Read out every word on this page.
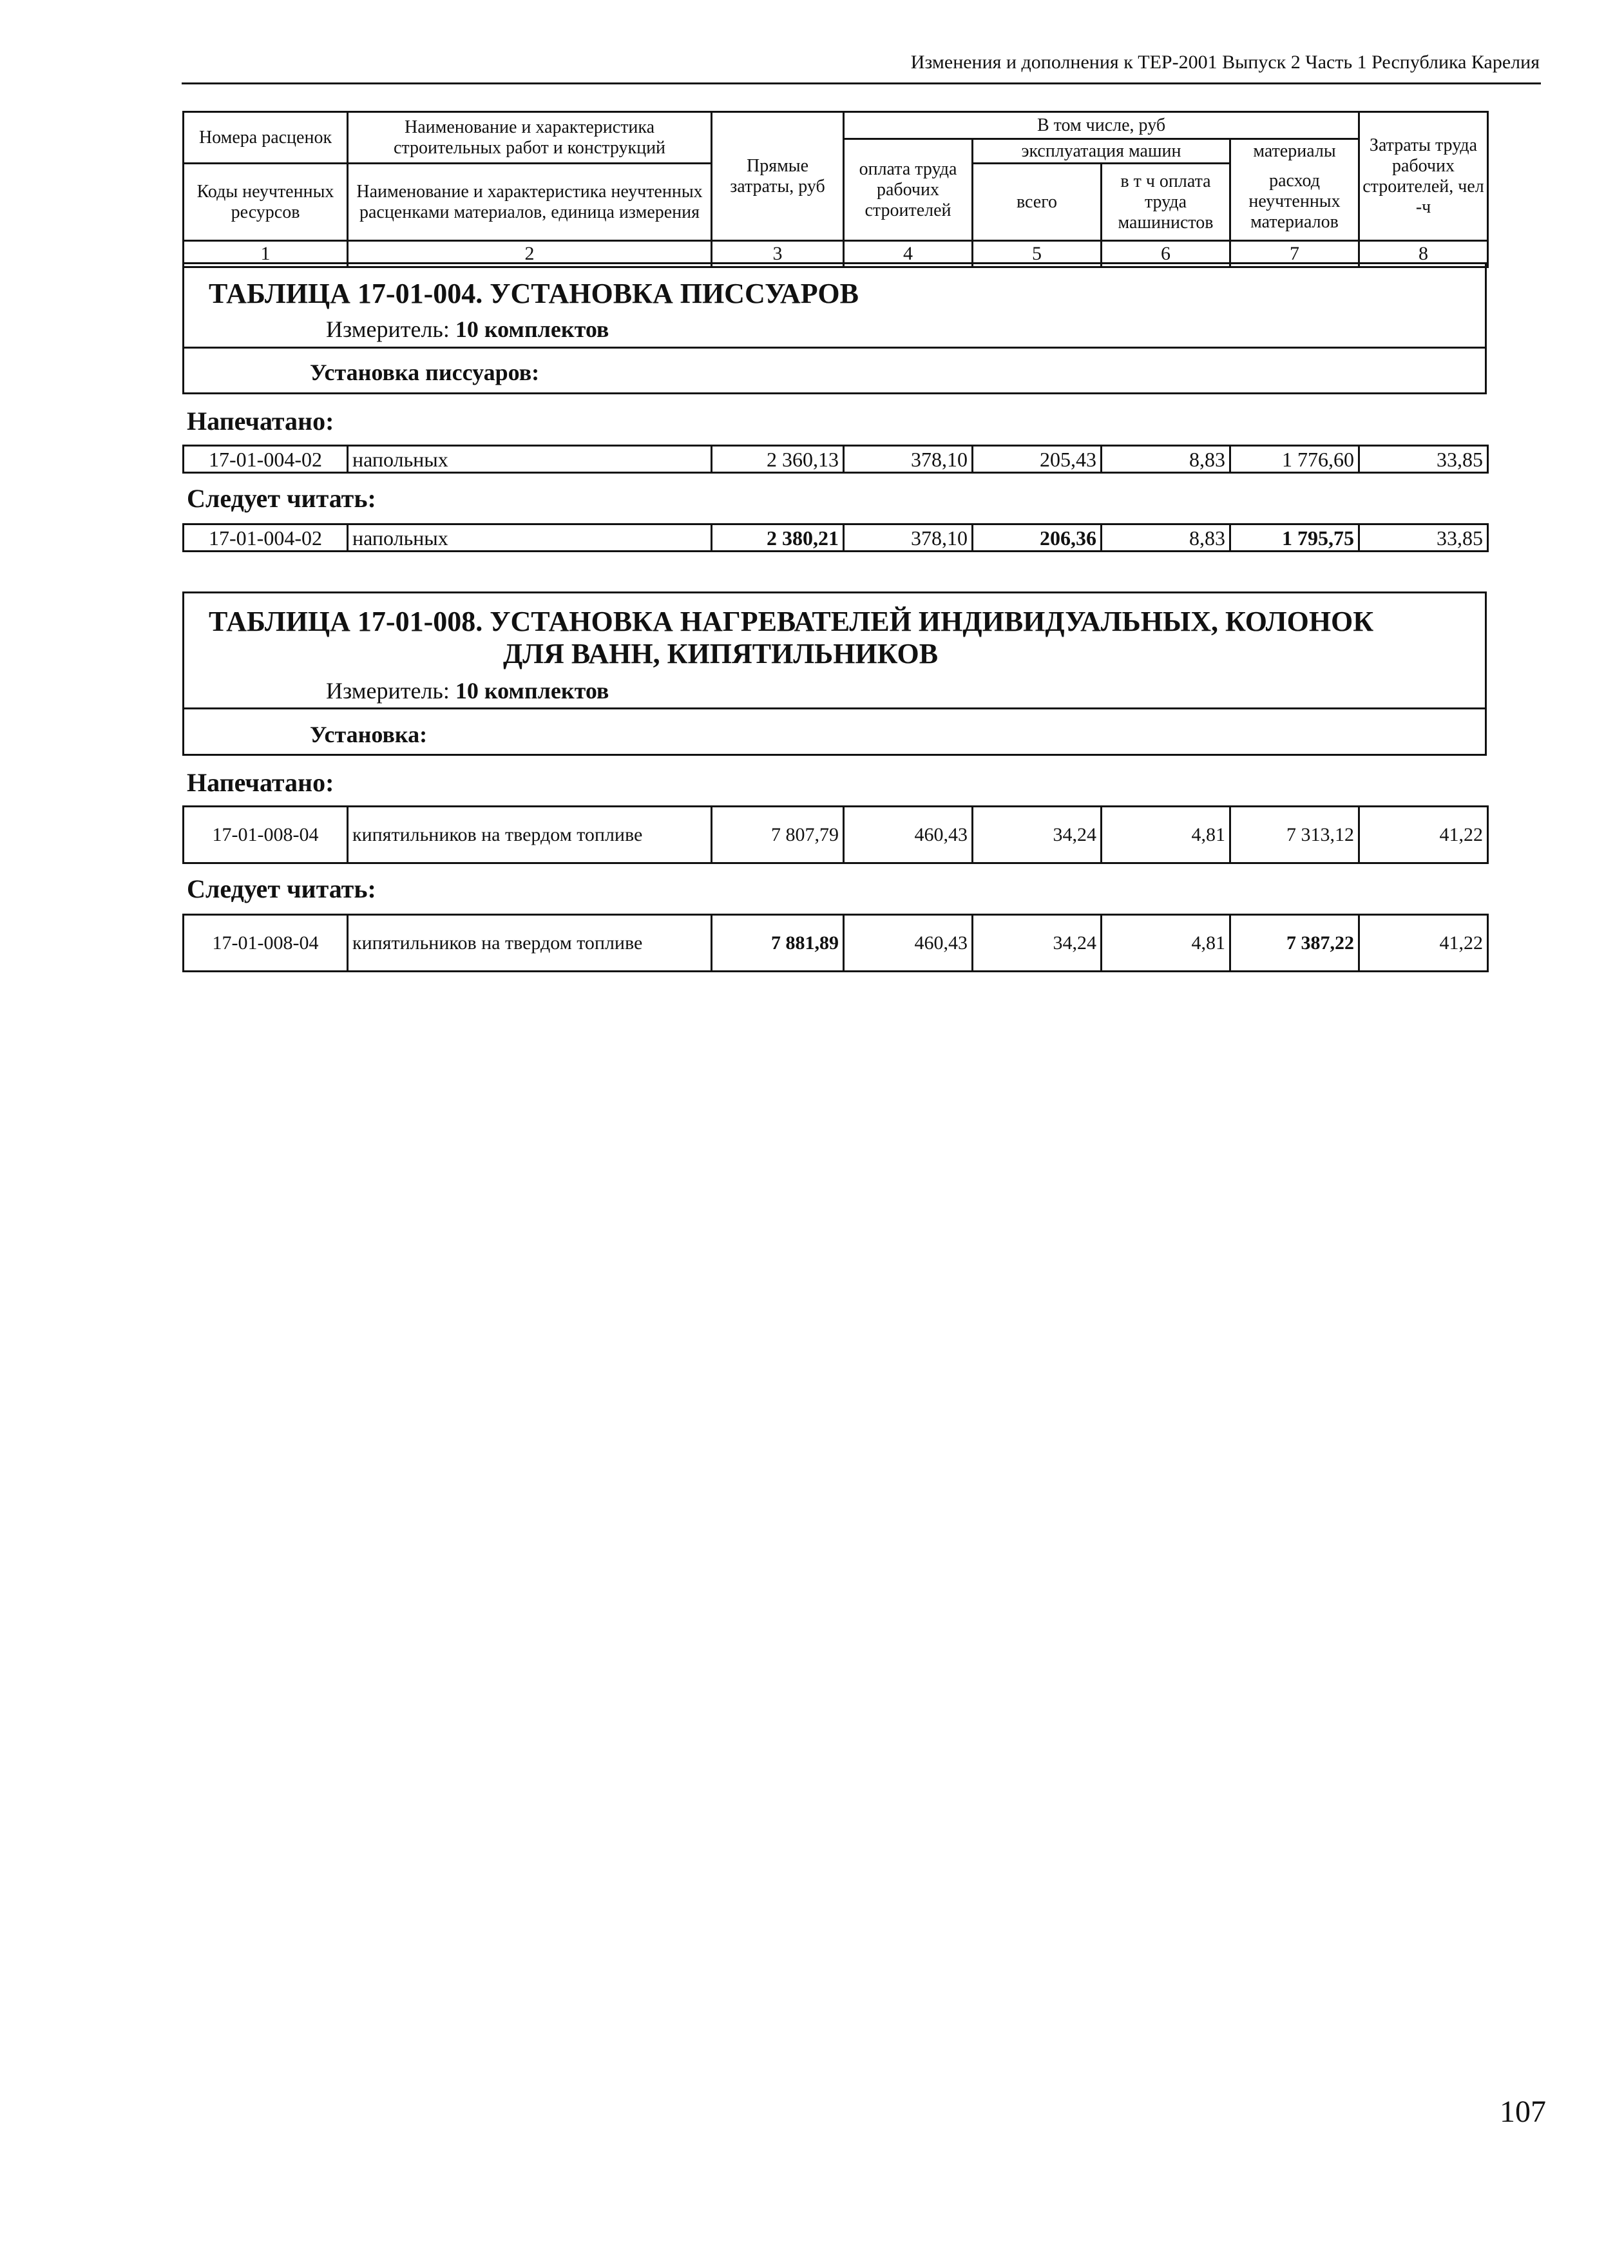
Изменения и дополнения к ТЕР-2001 Выпуск 2 Часть 1 Республика Карелия
Номера расценок	Наименование и характеристика строительных работ и конструкций	Прямые затраты, руб	В том числе, руб				Затраты труда рабочих строителей, чел -ч
			оплата труда рабочих строителей	эксплуатация машин		материалы	
Коды неучтенных ресурсов	Наименование и характеристика неучтенных расценками материалов, единица измерения			всего	в т ч оплата труда машинистов	расход неучтенных материалов	

1	2	3	4	5	6	7	8
ТАБЛИЦА 17-01-004. УСТАНОВКА ПИССУАРОВ
Измеритель: 10 комплектов
Установка писсуаров:
Напечатано:
17-01-004-02	напольных	2 360,13	378,10	205,43	8,83	1 776,60	33,85
Следует читать:
17-01-004-02	напольных	2 380,21	378,10	206,36	8,83	1 795,75	33,85
ТАБЛИЦА 17-01-008. УСТАНОВКА НАГРЕВАТЕЛЕЙ ИНДИВИДУАЛЬНЫХ, КОЛОНОК
ДЛЯ ВАНН, КИПЯТИЛЬНИКОВ
Измеритель: 10 комплектов
Установка:
Напечатано:
17-01-008-04	кипятильников на твердом топливе	7 807,79	460,43	34,24	4,81	7 313,12	41,22
Следует читать:
17-01-008-04	кипятильников на твердом топливе	7 881,89	460,43	34,24	4,81	7 387,22	41,22
107
